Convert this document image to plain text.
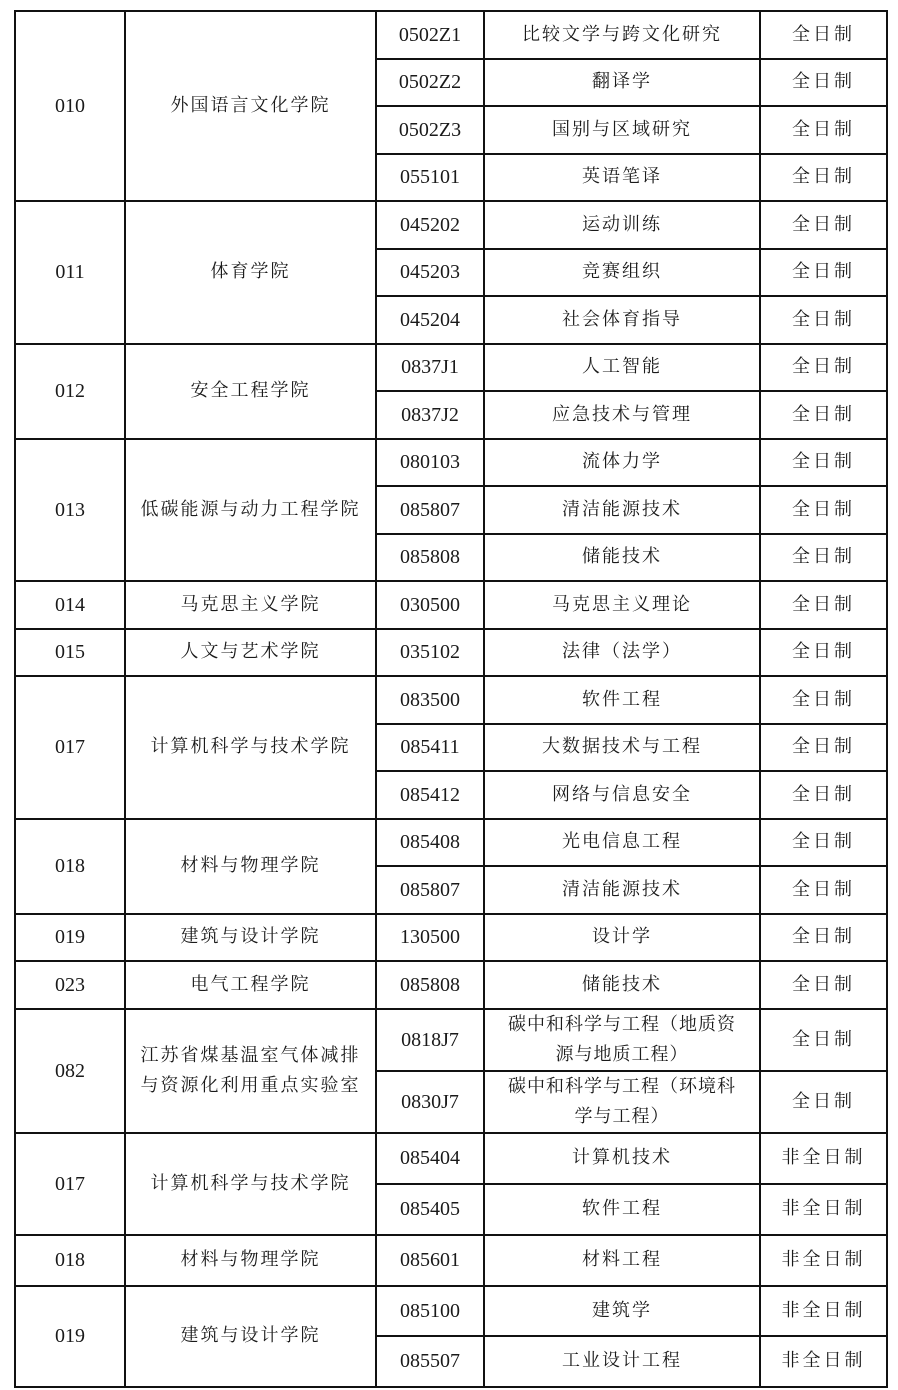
010	外国语言文化学院	0502Z1	比较文学与跨文化研究	全日制
		0502Z2	翻译学	全日制
		0502Z3	国别与区域研究	全日制
		055101	英语笔译	全日制
011	体育学院	045202	运动训练	全日制
		045203	竞赛组织	全日制
		045204	社会体育指导	全日制
012	安全工程学院	0837J1	人工智能	全日制
		0837J2	应急技术与管理	全日制
013	低碳能源与动力工程学院	080103	流体力学	全日制
		085807	清洁能源技术	全日制
		085808	储能技术	全日制
014	马克思主义学院	030500	马克思主义理论	全日制
015	人文与艺术学院	035102	法律（法学）	全日制
017	计算机科学与技术学院	083500	软件工程	全日制
		085411	大数据技术与工程	全日制
		085412	网络与信息安全	全日制
018	材料与物理学院	085408	光电信息工程	全日制
		085807	清洁能源技术	全日制
019	建筑与设计学院	130500	设计学	全日制
023	电气工程学院	085808	储能技术	全日制
082	江苏省煤基温室气体减排与资源化利用重点实验室	0818J7	碳中和科学与工程（地质资源与地质工程）	全日制
		0830J7	碳中和科学与工程（环境科学与工程）	全日制
017	计算机科学与技术学院	085404	计算机技术	非全日制
		085405	软件工程	非全日制
018	材料与物理学院	085601	材料工程	非全日制
019	建筑与设计学院	085100	建筑学	非全日制
		085507	工业设计工程	非全日制
